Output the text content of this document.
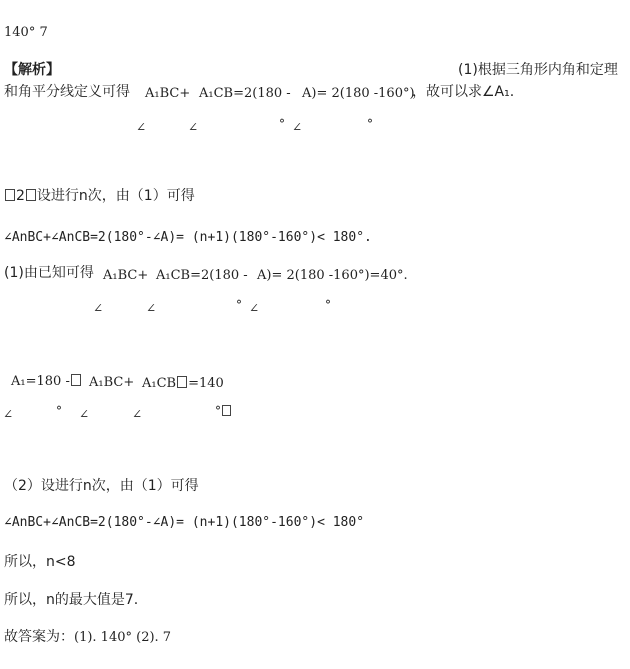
140° 7
【解析】	(1)根据三角形内角和定理
和角平分线定义可得 A₁BC+ A₁CB=2(180 - A)= 2(180 -160°)
，故可以求∠A₁.
∠	∠	° ∠	°
2 设进行n次，由（1）可得
∠AnBC+∠AnCB=2(180°-∠A)= (n+1)(180°-160°)< 180°.
(1)由已知可得 A₁BC+ A₁CB=2(180 - A)= 2(180 -160°)=40°.
∠	∠	° ∠	°
A₁=180 -	A₁BC+ A₁CB =140
∠	° ∠	∠	°
（2）设进行n次，由（1）可得
∠AnBC+∠AnCB=2(180°-∠A)= (n+1)(180°-160°)< 180°
所以，n<8
所以，n的最大值是7.
故答案为：(1). 140° (2). 7
